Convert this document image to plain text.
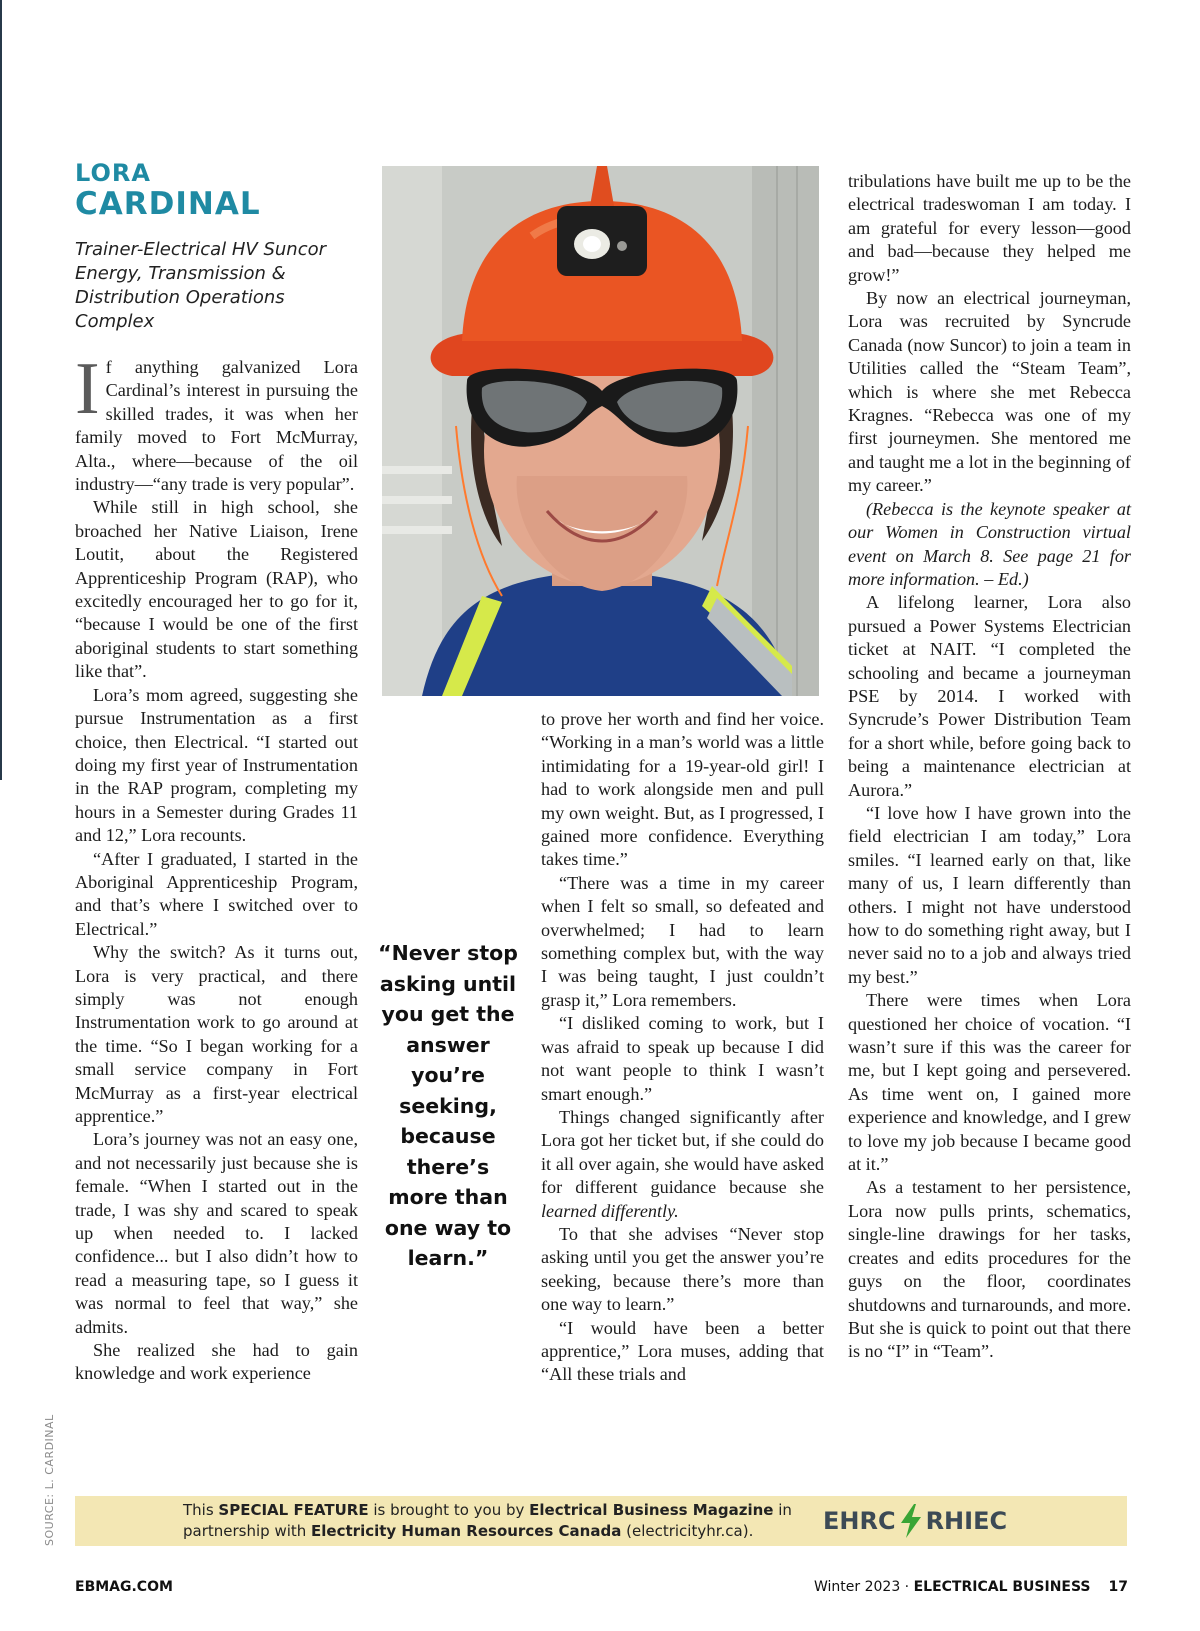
LORA
CARDINAL

Trainer-Electrical HV Suncor Energy, Transmission & Distribution Operations Complex

If anything galvanized Lora Cardinal’s interest in pursuing the skilled trades, it was when her family moved to Fort McMurray, Alta., where—because of the oil industry—“any trade is very popular”.

While still in high school, she broached her Native Liaison, Irene Loutit, about the Registered Apprenticeship Program (RAP), who excitedly encouraged her to go for it, “because I would be one of the first aboriginal students to start something like that”.

Lora’s mom agreed, suggesting she pursue Instrumentation as a first choice, then Electrical. “I started out doing my first year of Instrumentation in the RAP program, completing my hours in a Semester during Grades 11 and 12,” Lora recounts.

“After I graduated, I started in the Aboriginal Apprenticeship Program, and that’s where I switched over to Electrical.”

Why the switch? As it turns out, Lora is very practical, and there simply was not enough Instrumentation work to go around at the time. “So I began working for a small service company in Fort McMurray as a first-year electrical apprentice.”

Lora’s journey was not an easy one, and not necessarily just because she is female. “When I started out in the trade, I was shy and scared to speak up when needed to. I lacked confidence... but I also didn’t how to read a measuring tape, so I guess it was normal to feel that way,” she admits.

She realized she had to gain knowledge and work experience

“Never stop asking until you get the answer you’re seeking, because there’s more than one way to learn.”

to prove her worth and find her voice. “Working in a man’s world was a little intimidating for a 19-year-old girl! I had to work alongside men and pull my own weight. But, as I progressed, I gained more confidence. Everything takes time.”

“There was a time in my career when I felt so small, so defeated and overwhelmed; I had to learn something complex but, with the way I was being taught, I just couldn’t grasp it,” Lora remembers.

“I disliked coming to work, but I was afraid to speak up because I did not want people to think I wasn’t smart enough.”

Things changed significantly after Lora got her ticket but, if she could do it all over again, she would have asked for different guidance because she learned differently.

To that she advises “Never stop asking until you get the answer you’re seeking, because there’s more than one way to learn.”

“I would have been a better apprentice,” Lora muses, adding that “All these trials and

tribulations have built me up to be the electrical tradeswoman I am today. I am grateful for every lesson—good and bad—because they helped me grow!”

By now an electrical journeyman, Lora was recruited by Syncrude Canada (now Suncor) to join a team in Utilities called the “Steam Team”, which is where she met Rebecca Kragnes. “Rebecca was one of my first journeymen. She mentored me and taught me a lot in the beginning of my career.”

(Rebecca is the keynote speaker at our Women in Construction virtual event on March 8. See page 21 for more information. – Ed.)

A lifelong learner, Lora also pursued a Power Systems Electrician ticket at NAIT. “I completed the schooling and became a journeyman PSE by 2014. I worked with Syncrude’s Power Distribution Team for a short while, before going back to being a maintenance electrician at Aurora.”

“I love how I have grown into the field electrician I am today,” Lora smiles. “I learned early on that, like many of us, I learn differently than others. I might not have understood how to do something right away, but I never said no to a job and always tried my best.”

There were times when Lora questioned her choice of vocation. “I wasn’t sure if this was the career for me, but I kept going and persevered. As time went on, I gained more experience and knowledge, and I grew to love my job because I became good at it.”

As a testament to her persistence, Lora now pulls prints, schematics, single-line drawings for her tasks, creates and edits procedures for the guys on the floor, coordinates shutdowns and turnarounds, and more. But she is quick to point out that there is no “I” in “Team”.

SOURCE: L. CARDINAL	This SPECIAL FEATURE is brought to you by Electrical Business Magazine in
partnership with Electricity Human Resources Canada (electricityhr.ca).	EHRC RHIEC
EBMAG.COM	Winter 2023 · ELECTRICAL BUSINESS 17
